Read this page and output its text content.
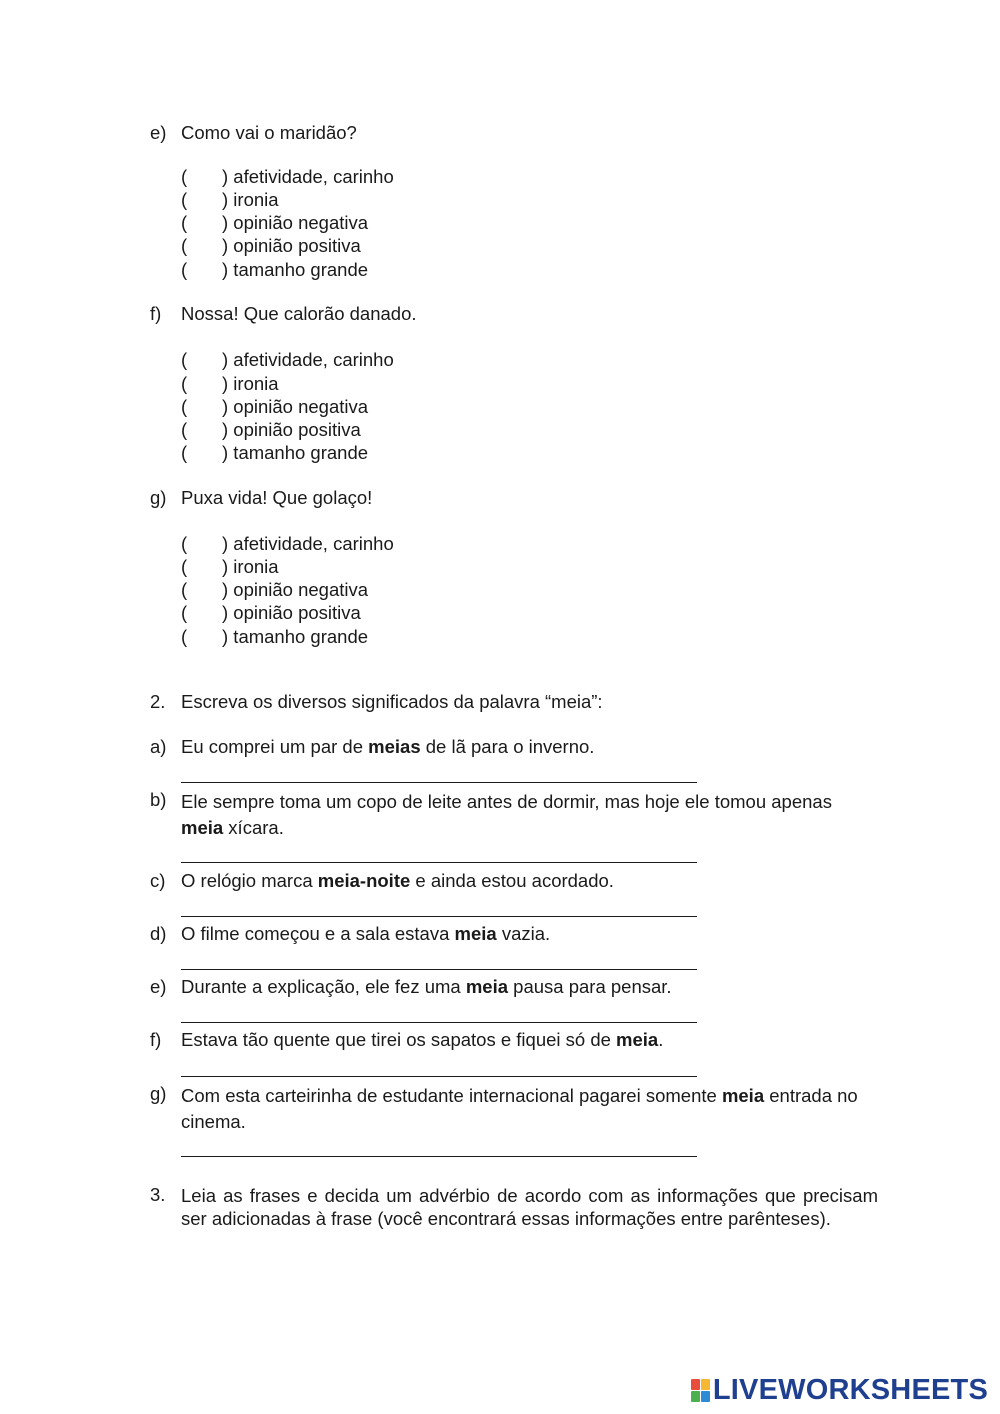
e) Como vai o maridão?
( ) afetividade, carinho
( ) ironia
( ) opinião negativa
( ) opinião positiva
( ) tamanho grande
f)	Nossa! Que calorão danado.
( ) afetividade, carinho
( ) ironia
( ) opinião negativa
( ) opinião positiva
( ) tamanho grande
g) Puxa vida! Que golaço!
( ) afetividade, carinho
( ) ironia
( ) opinião negativa
( ) opinião positiva
( ) tamanho grande
2. Escreva os diversos significados da palavra “meia”:
a) Eu comprei um par de meias de lã para o inverno.
b) Ele sempre toma um copo de leite antes de dormir, mas hoje ele tomou apenas meia xícara.
c) O relógio marca meia-noite e ainda estou acordado.
d) O filme começou e a sala estava meia vazia.
e) Durante a explicação, ele fez uma meia pausa para pensar.
f)	Estava tão quente que tirei os sapatos e fiquei só de meia.
g) Com esta carteirinha de estudante internacional pagarei somente meia entrada no cinema.
3. Leia as frases e decida um advérbio de acordo com as informações que precisam ser adicionadas à frase (você encontrará essas informações entre parênteses).
LIVEWORKSHEETS
